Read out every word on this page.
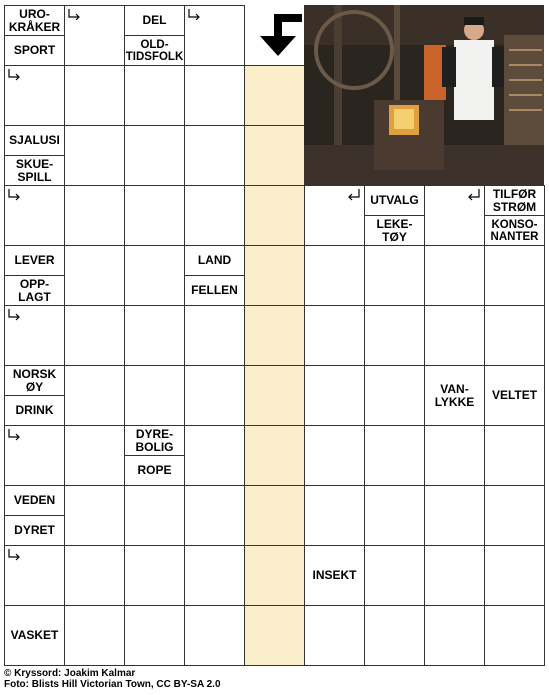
URO-
KRÅKER
SPORT
DEL
OLD-
TIDSFOLK
SJALUSI
SKUE-
SPILL
UTVALG
LEKE-
TØY
TILFØR
STRØM
KONSO-
NANTER
LEVER
OPP-
LAGT
LAND
FELLEN
NORSK
ØY
DRINK
VAN-
LYKKE	VELTET
DYRE-
BOLIG
ROPE
VEDEN
DYRET
INSEKT
VASKET
© Kryssord: Joakim Kalmar
Foto: Blists Hill Victorian Town, CC BY-SA 2.0
